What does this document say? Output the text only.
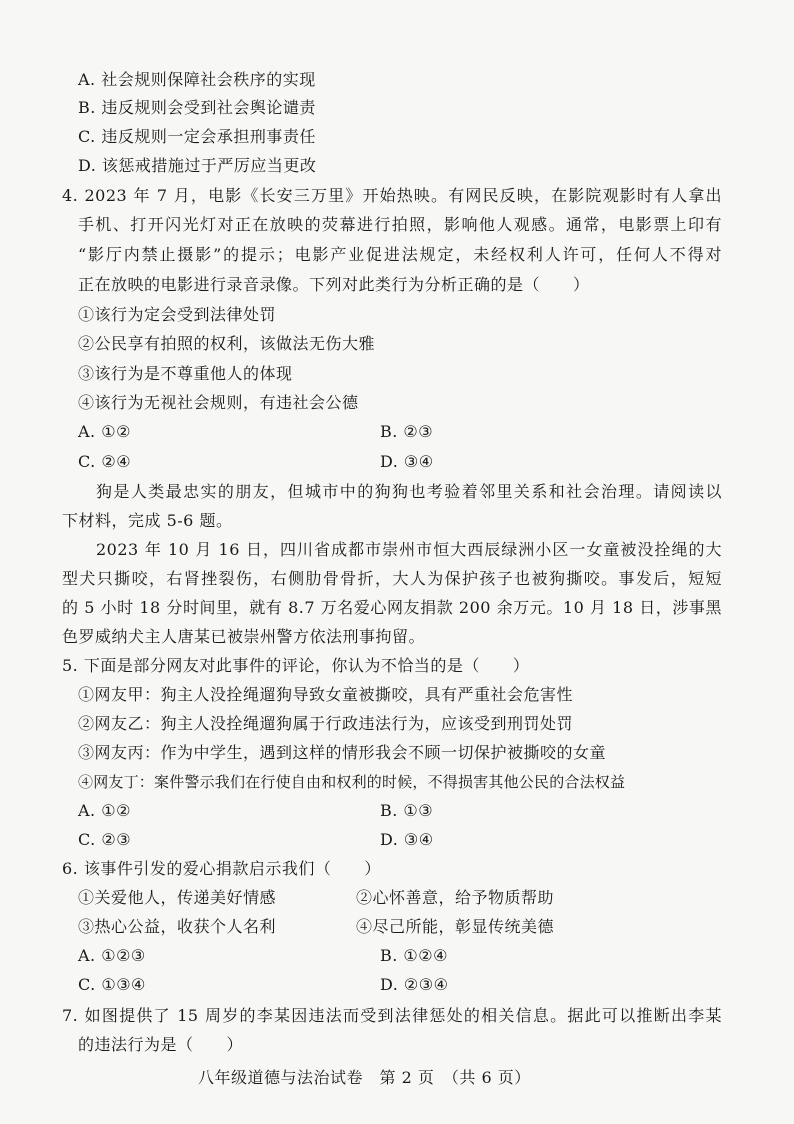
A. 社会规则保障社会秩序的实现
B. 违反规则会受到社会舆论谴责
C. 违反规则一定会承担刑事责任
D. 该惩戒措施过于严厉应当更改
4. 2023 年 7 月，电影《长安三万里》开始热映。有网民反映，在影院观影时有人拿出
手机、打开闪光灯对正在放映的荧幕进行拍照，影响他人观感。通常，电影票上印有
“影厅内禁止摄影”的提示；电影产业促进法规定，未经权利人许可，任何人不得对
正在放映的电影进行录音录像。下列对此类行为分析正确的是（　　）
①该行为定会受到法律处罚
②公民享有拍照的权利，该做法无伤大雅
③该行为是不尊重他人的体现
④该行为无视社会规则，有违社会公德
A. ①②	B. ②③
C. ②④	D. ③④
狗是人类最忠实的朋友，但城市中的狗狗也考验着邻里关系和社会治理。请阅读以
下材料，完成 5-6 题。
2023 年 10 月 16 日，四川省成都市崇州市恒大西辰绿洲小区一女童被没拴绳的大
型犬只撕咬，右肾挫裂伤，右侧肋骨骨折，大人为保护孩子也被狗撕咬。事发后，短短
的 5 小时 18 分时间里，就有 8.7 万名爱心网友捐款 200 余万元。10 月 18 日，涉事黑
色罗威纳犬主人唐某已被崇州警方依法刑事拘留。
5. 下面是部分网友对此事件的评论，你认为不恰当的是（　　）
①网友甲：狗主人没拴绳遛狗导致女童被撕咬，具有严重社会危害性
②网友乙：狗主人没拴绳遛狗属于行政违法行为，应该受到刑罚处罚
③网友丙：作为中学生，遇到这样的情形我会不顾一切保护被撕咬的女童
④网友丁：案件警示我们在行使自由和权利的时候，不得损害其他公民的合法权益
A. ①②	B. ①③
C. ②③	D. ③④
6. 该事件引发的爱心捐款启示我们（　　）
①关爱他人，传递美好情感	②心怀善意，给予物质帮助
③热心公益，收获个人名利	④尽己所能，彰显传统美德
A. ①②③	B. ①②④
C. ①③④	D. ②③④
7. 如图提供了 15 周岁的李某因违法而受到法律惩处的相关信息。据此可以推断出李某
的违法行为是（　　）
八年级道德与法治试卷　第 2 页　（共 6 页）
